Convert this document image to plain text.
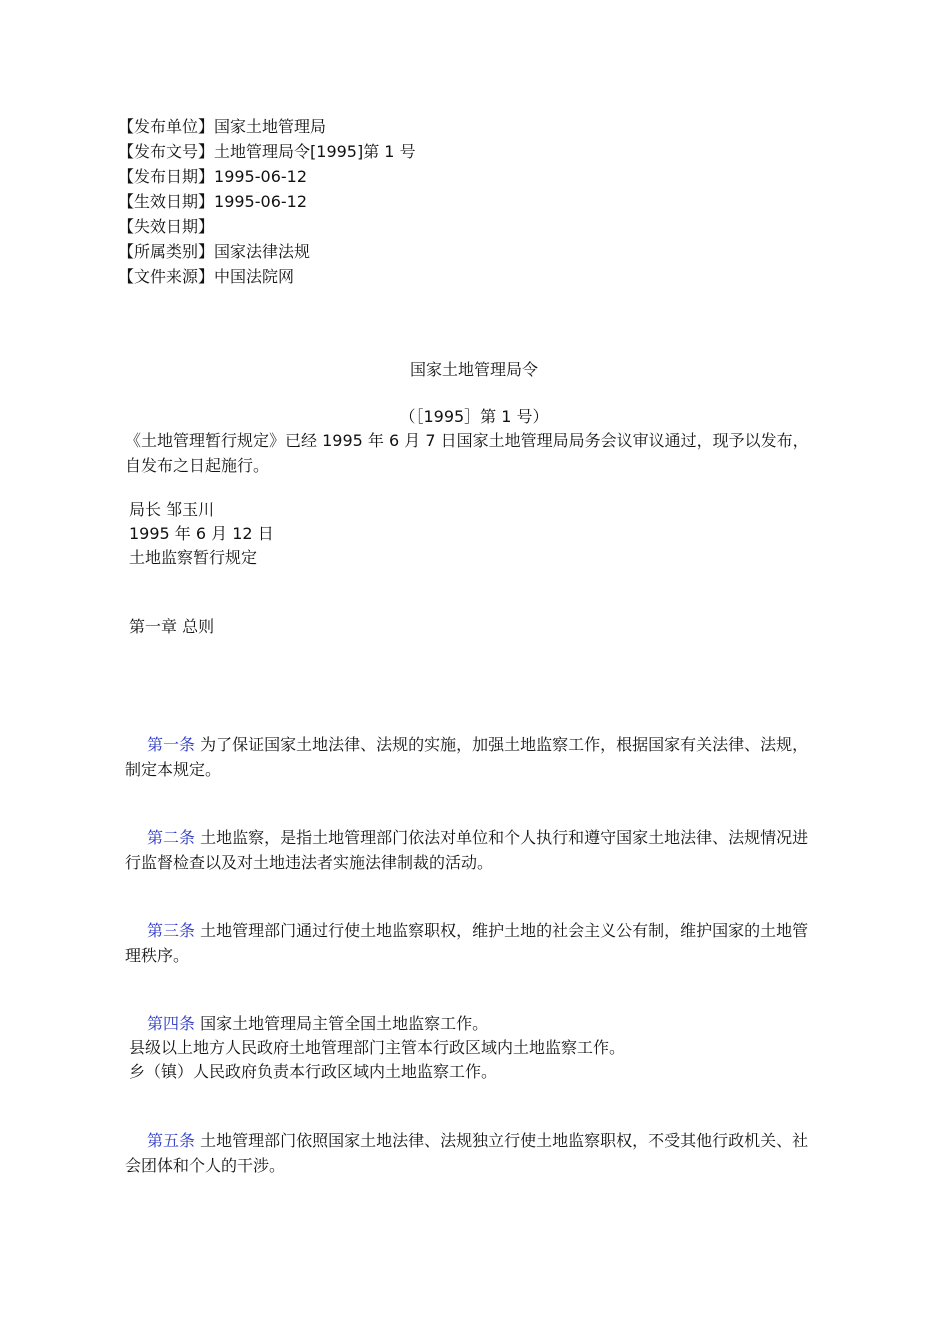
【发布单位】国家土地管理局
【发布文号】土地管理局令[1995]第 1 号
【发布日期】1995-06-12
【生效日期】1995-06-12
【失效日期】
【所属类别】国家法律法规
【文件来源】中国法院网
国家土地管理局令
（［1995］第 1 号）
《土地管理暂行规定》已经 1995 年 6 月 7 日国家土地管理局局务会议审议通过，现予以发布，自发布之日起施行。
局长 邹玉川
1995 年 6 月 12 日
土地监察暂行规定
第一章 总则
第一条 为了保证国家土地法律、法规的实施，加强土地监察工作，根据国家有关法律、法规，制定本规定。
第二条 土地监察，是指土地管理部门依法对单位和个人执行和遵守国家土地法律、法规情况进行监督检查以及对土地违法者实施法律制裁的活动。
第三条 土地管理部门通过行使土地监察职权，维护土地的社会主义公有制，维护国家的土地管理秩序。
第四条 国家土地管理局主管全国土地监察工作。
县级以上地方人民政府土地管理部门主管本行政区域内土地监察工作。
乡（镇）人民政府负责本行政区域内土地监察工作。
第五条 土地管理部门依照国家土地法律、法规独立行使土地监察职权，不受其他行政机关、社会团体和个人的干涉。
